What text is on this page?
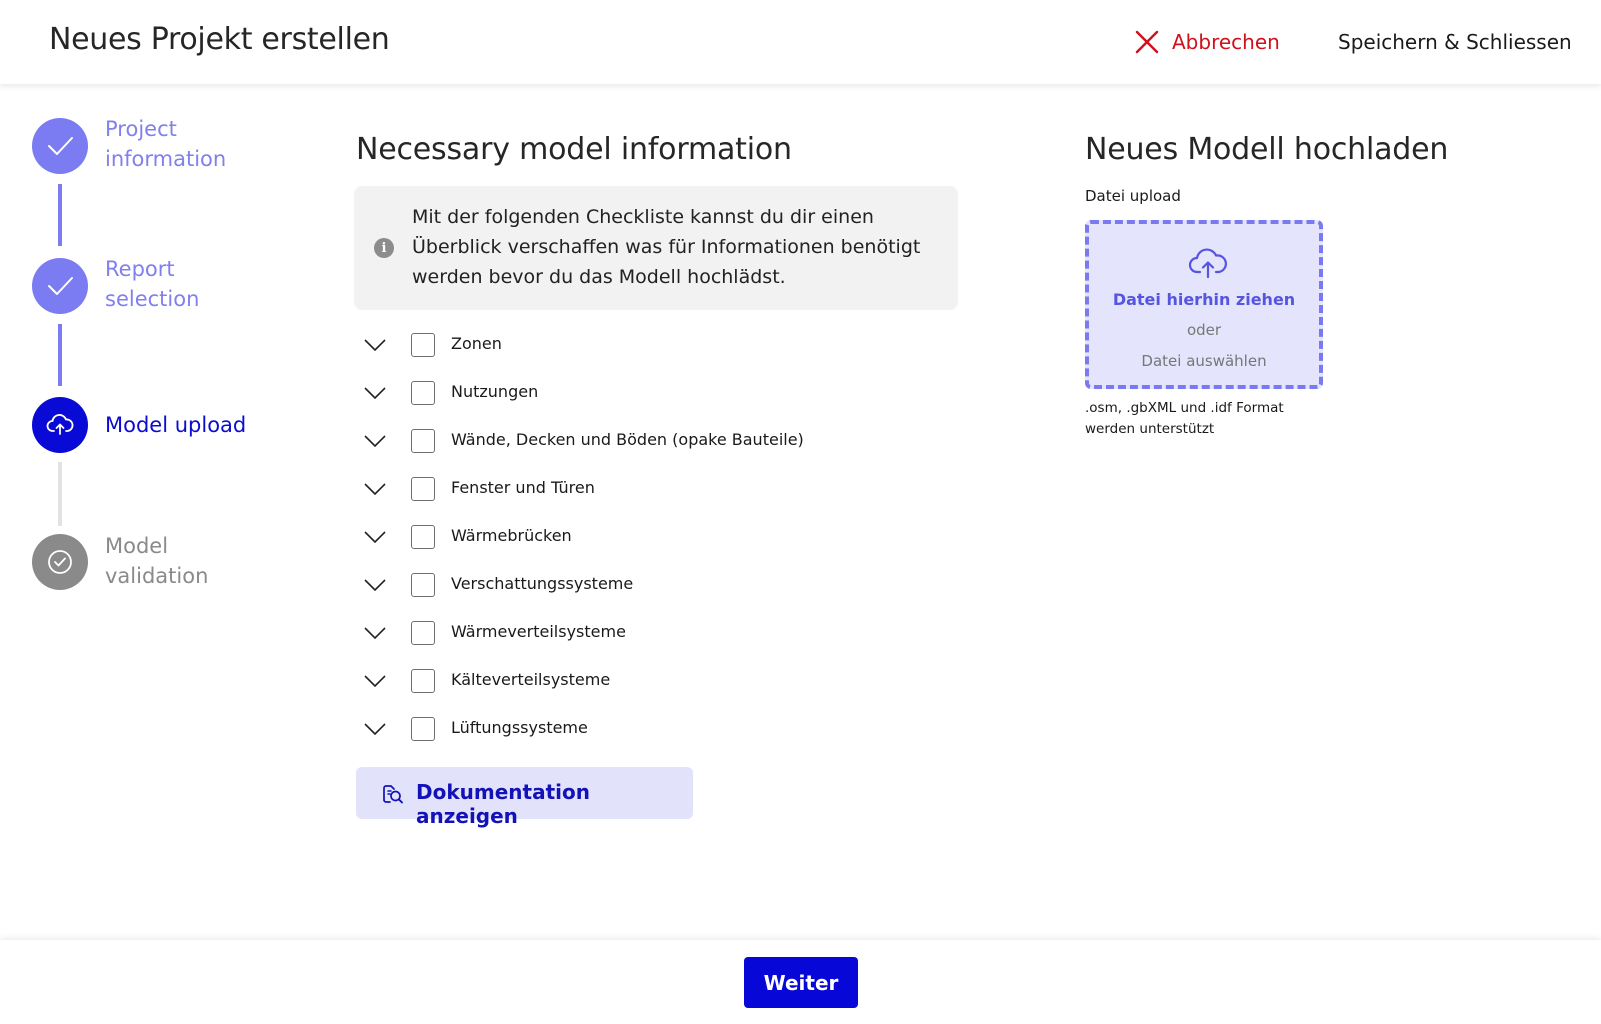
Neues Projekt erstellen	Abbrechen	Speichern & Schliessen
Project information
Report selection
Model upload
Model validation
Necessary model information
i
Mit der folgenden Checkliste kannst du dir einen Überblick verschaffen was für Informationen benötigt werden bevor du das Modell hochlädst.
Zonen
Nutzungen
Wände, Decken und Böden (opake Bauteile)
Fenster und Türen
Wärmebrücken
Verschattungssysteme
Wärmeverteilsysteme
Kälteverteilsysteme
Lüftungssysteme
Dokumentation anzeigen
Neues Modell hochladen
Datei upload
Datei hierhin ziehen
oder
Datei auswählen
.osm, .gbXML und .idf Format werden unterstützt
Weiter
